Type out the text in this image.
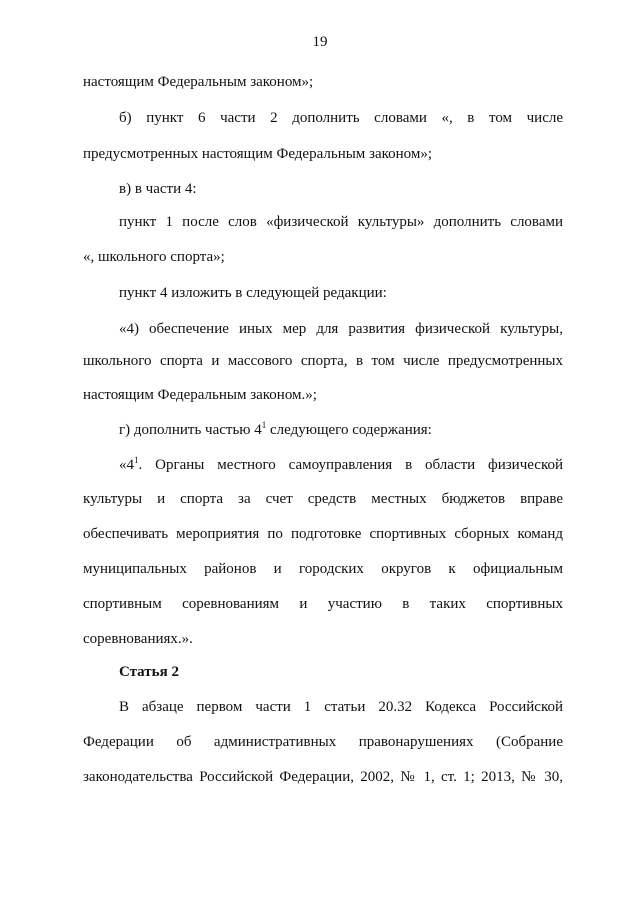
19
настоящим Федеральным законом»;
б) пункт 6 части 2 дополнить словами «, в том числе
предусмотренных настоящим Федеральным законом»;
в) в части 4:
пункт 1 после слов «физической культуры» дополнить словами
«, школьного спорта»;
пункт 4 изложить в следующей редакции:
«4) обеспечение иных мер для развития физической культуры,
школьного спорта и массового спорта, в том числе предусмотренных
настоящим Федеральным законом.»;
г) дополнить частью $4^1$ следующего содержания:
«$4^1$. Органы местного самоуправления в области физической
культуры и спорта за счет средств местных бюджетов вправе
обеспечивать мероприятия по подготовке спортивных сборных команд
муниципальных районов и городских округов к официальным
спортивным соревнованиям и участию в таких спортивных
соревнованиях.».
Статья 2
В абзаце первом части 1 статьи 20.32 Кодекса Российской
Федерации об административных правонарушениях (Собрание
законодательства Российской Федерации, 2002, № 1, ст. 1; 2013, № 30,
